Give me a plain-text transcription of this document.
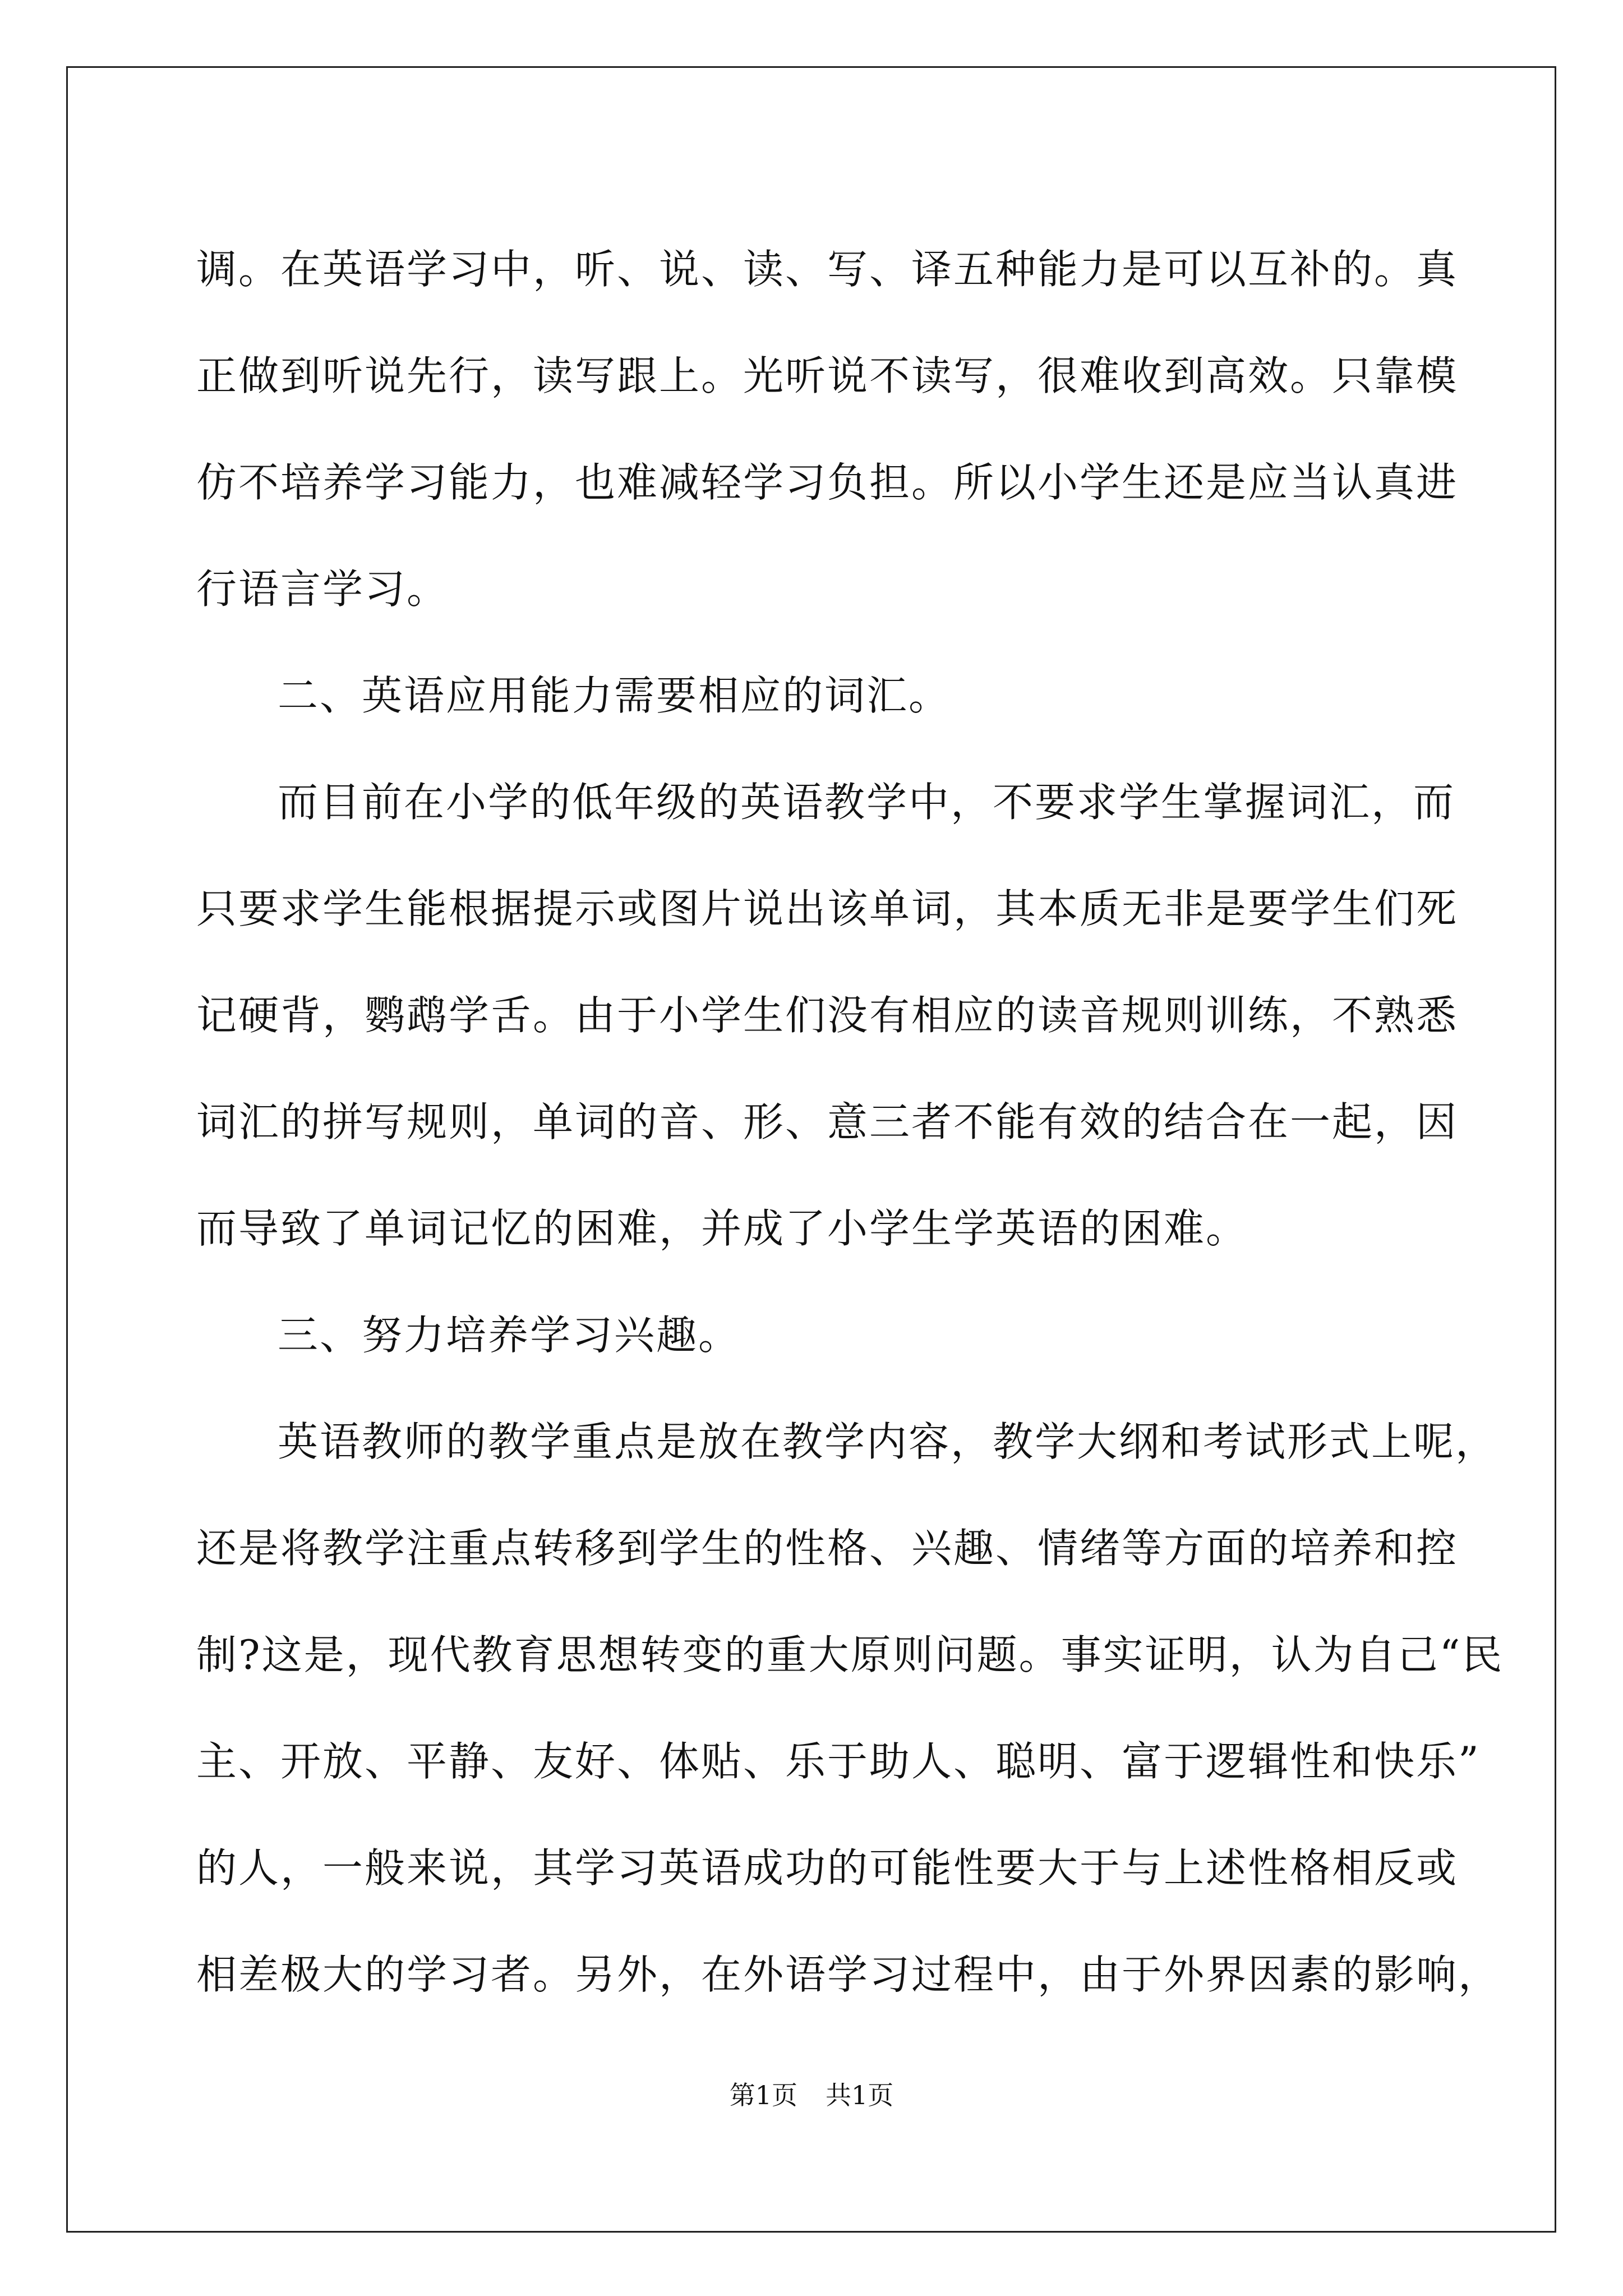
调。在英语学习中，听、说、读、写、译五种能力是可以互补的。真
正做到听说先行，读写跟上。光听说不读写，很难收到高效。只靠模
仿不培养学习能力，也难减轻学习负担。所以小学生还是应当认真进
行语言学习。
二、英语应用能力需要相应的词汇。
而目前在小学的低年级的英语教学中，不要求学生掌握词汇，而
只要求学生能根据提示或图片说出该单词，其本质无非是要学生们死
记硬背，鹦鹉学舌。由于小学生们没有相应的读音规则训练，不熟悉
词汇的拼写规则，单词的音、形、意三者不能有效的结合在一起，因
而导致了单词记忆的困难，并成了小学生学英语的困难。
三、努力培养学习兴趣。
英语教师的教学重点是放在教学内容，教学大纲和考试形式上呢，
还是将教学注重点转移到学生的性格、兴趣、情绪等方面的培养和控
制?这是，现代教育思想转变的重大原则问题。事实证明，认为自己“民
主、开放、平静、友好、体贴、乐于助人、聪明、富于逻辑性和快乐”
的人，一般来说，其学习英语成功的可能性要大于与上述性格相反或
相差极大的学习者。另外，在外语学习过程中，由于外界因素的影响，
第1页 共1页
